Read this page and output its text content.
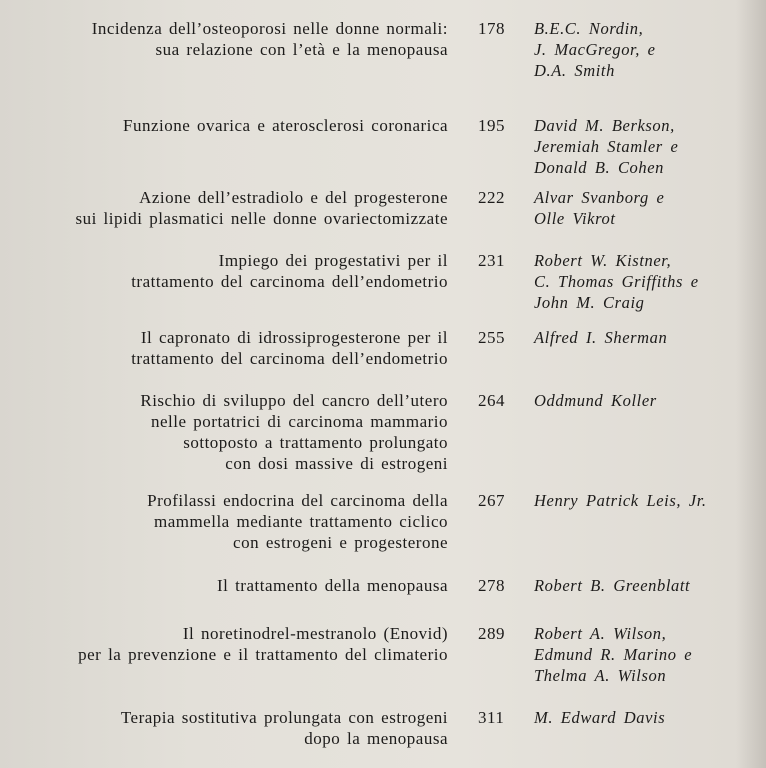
Incidenza dell’osteoporosi nelle donne normali:
sua relazione con l’età e la menopausa
178	B.E.C. Nordin,
J. MacGregor, e
D.A. Smith
Funzione ovarica e aterosclerosi coronarica 195	David M. Berkson,
Jeremiah Stamler e
Donald B. Cohen
Azione dell’estradiolo e del progesterone
sui lipidi plasmatici nelle donne ovariectomizzate
222	Alvar Svanborg e
Olle Vikrot
Impiego dei progestativi per il
trattamento del carcinoma dell’endometrio
231	Robert W. Kistner,
C. Thomas Griffiths e
John M. Craig
Il capronato di idrossiprogesterone per il
trattamento del carcinoma dell’endometrio
255	Alfred I. Sherman
Rischio di sviluppo del cancro dell’utero
nelle portatrici di carcinoma mammario
sottoposto a trattamento prolungato
con dosi massive di estrogeni
264	Oddmund Koller
Profilassi endocrina del carcinoma della
mammella mediante trattamento ciclico
con estrogeni e progesterone
267	Henry Patrick Leis, Jr.
Il trattamento della menopausa 278	Robert B. Greenblatt
Il noretinodrel-mestranolo (Enovid)
per la prevenzione e il trattamento del climaterio
289	Robert A. Wilson,
Edmund R. Marino e
Thelma A. Wilson
Terapia sostitutiva prolungata con estrogeni
dopo la menopausa
311	M. Edward Davis
